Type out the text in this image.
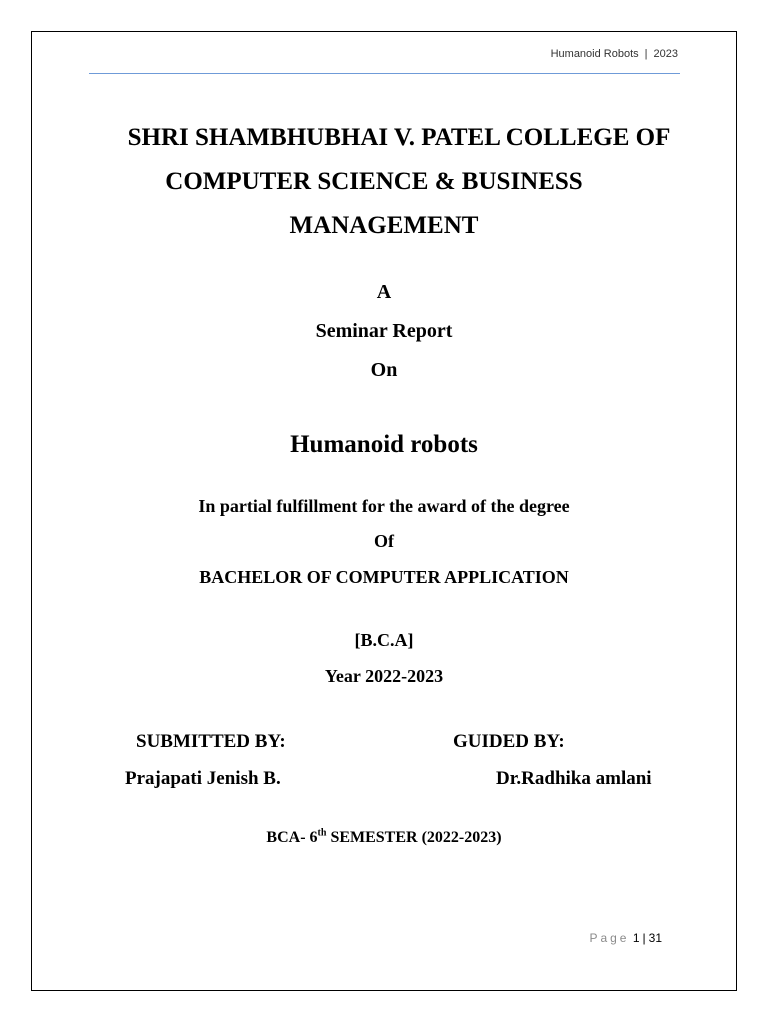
Humanoid Robots | 2023
SHRI SHAMBHUBHAI V. PATEL COLLEGE OF
COMPUTER SCIENCE & BUSINESS
MANAGEMENT
A
Seminar Report
On
Humanoid robots
In partial fulfillment for the award of the degree
Of
BACHELOR OF COMPUTER APPLICATION
[B.C.A]
Year 2022-2023
SUBMITTED BY:	GUIDED BY:
Prajapati Jenish B.	Dr.Radhika amlani
BCA- 6th SEMESTER (2022-2023)
Page 1 | 31
